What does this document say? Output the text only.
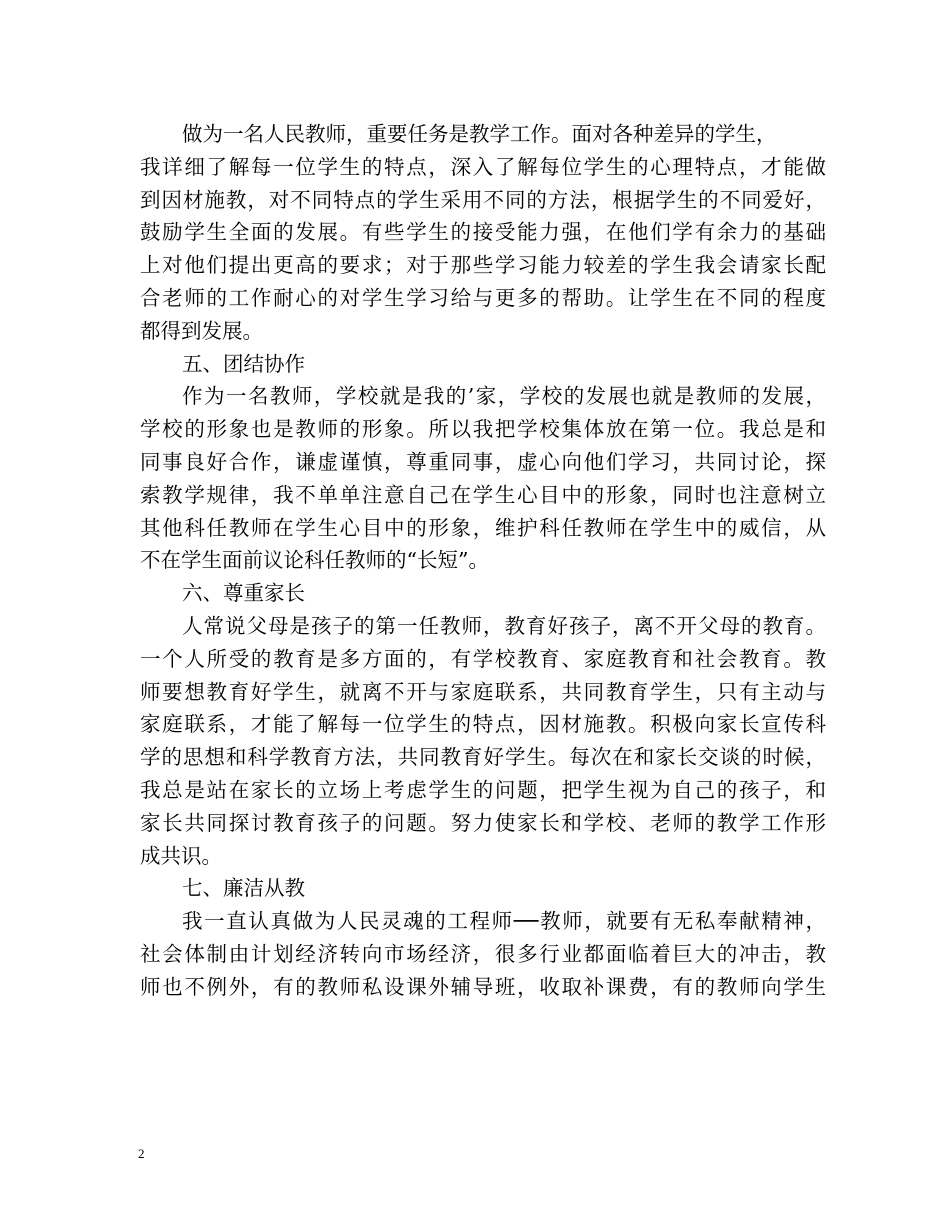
做为一名人民教师，重要任务是教学工作。面对各种差异的学生，
我详细了解每一位学生的特点，深入了解每位学生的心理特点，才能做
到因材施教，对不同特点的学生采用不同的方法，根据学生的不同爱好，
鼓励学生全面的发展。有些学生的接受能力强，在他们学有余力的基础
上对他们提出更高的要求；对于那些学习能力较差的学生我会请家长配
合老师的工作耐心的对学生学习给与更多的帮助。让学生在不同的程度
都得到发展。
五、团结协作
作为一名教师，学校就是我的’家，学校的发展也就是教师的发展，
学校的形象也是教师的形象。所以我把学校集体放在第一位。我总是和
同事良好合作，谦虚谨慎，尊重同事，虚心向他们学习，共同讨论，探
索教学规律，我不单单注意自己在学生心目中的形象，同时也注意树立
其他科任教师在学生心目中的形象，维护科任教师在学生中的威信，从
不在学生面前议论科任教师的“长短”。
六、尊重家长
人常说父母是孩子的第一任教师，教育好孩子，离不开父母的教育。
一个人所受的教育是多方面的，有学校教育、家庭教育和社会教育。教
师要想教育好学生，就离不开与家庭联系，共同教育学生，只有主动与
家庭联系，才能了解每一位学生的特点，因材施教。积极向家长宣传科
学的思想和科学教育方法，共同教育好学生。每次在和家长交谈的时候，
我总是站在家长的立场上考虑学生的问题，把学生视为自己的孩子，和
家长共同探讨教育孩子的问题。努力使家长和学校、老师的教学工作形
成共识。
七、廉洁从教
我一直认真做为人民灵魂的工程师──教师，就要有无私奉献精神，
社会体制由计划经济转向市场经济，很多行业都面临着巨大的冲击，教
师也不例外，有的教师私设课外辅导班，收取补课费，有的教师向学生
2
